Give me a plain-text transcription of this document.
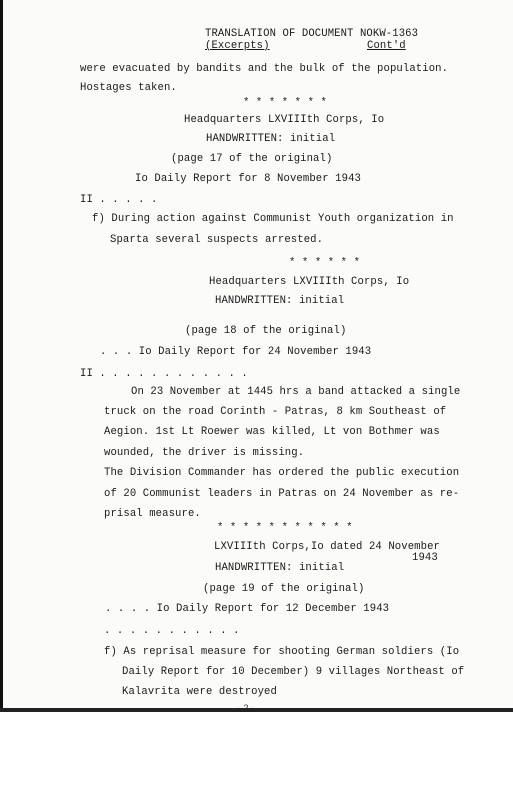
TRANSLATION OF DOCUMENT NOKW-1363
(Excerpts)	Cont'd
were evacuated by bandits and the bulk of the population.
Hostages taken.
* * * * * * *
Headquarters LXVIIIth Corps, Io
HANDWRITTEN: initial
(page 17 of the original)
Io Daily Report for 8 November 1943
II . . . . .
f) During action against Communist Youth organization in
Sparta several suspects arrested.
* * * * * *
Headquarters LXVIIIth Corps, Io
HANDWRITTEN: initial
(page 18 of the original)
. . . Io Daily Report for 24 November 1943
II . . . . . . . . . . . .
On 23 November at 1445 hrs a band attacked a single
truck on the road Corinth - Patras, 8 km Southeast of
Aegion. 1st Lt Roewer was killed, Lt von Bothmer was
wounded, the driver is missing.
The Division Commander has ordered the public execution
of 20 Communist leaders in Patras on 24 November as re-
prisal measure.
* * * * * * * * * * *
LXVIIIth Corps,Io dated 24 November
1943
HANDWRITTEN: initial
(page 19 of the original)
. . . . Io Daily Report for 12 December 1943
. . . . . . . . . . .
f) As reprisal measure for shooting German soldiers (Io
Daily Report for 10 December) 9 villages Northeast of
Kalavrita were destroyed
